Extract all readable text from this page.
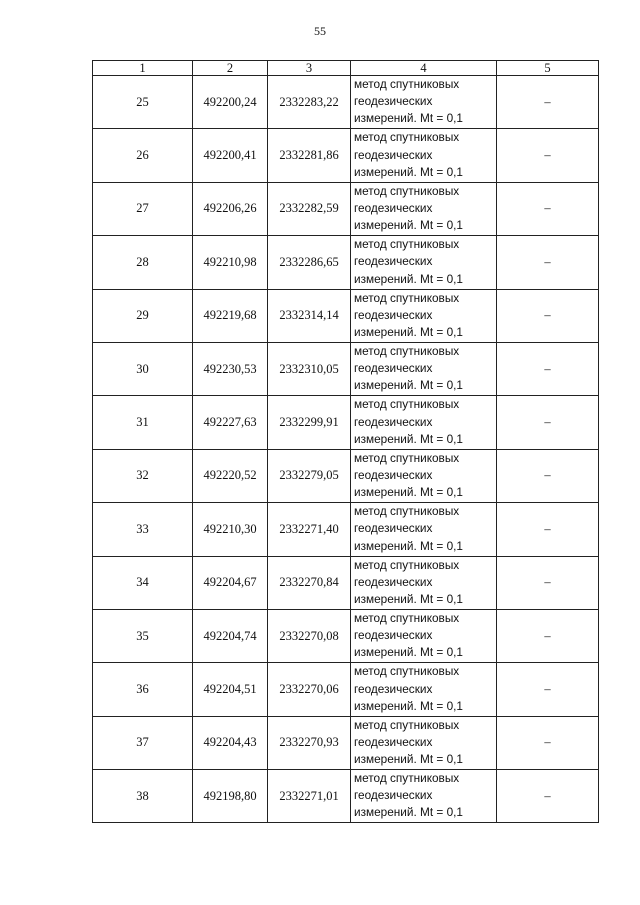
55
1	2	3	4	5
25	492200,24	2332283,22	метод спутниковых
геодезических
измерений. Mt = 0,1	–
26	492200,41	2332281,86	метод спутниковых
геодезических
измерений. Mt = 0,1	–
27	492206,26	2332282,59	метод спутниковых
геодезических
измерений. Mt = 0,1	–
28	492210,98	2332286,65	метод спутниковых
геодезических
измерений. Mt = 0,1	–
29	492219,68	2332314,14	метод спутниковых
геодезических
измерений. Mt = 0,1	–
30	492230,53	2332310,05	метод спутниковых
геодезических
измерений. Mt = 0,1	–
31	492227,63	2332299,91	метод спутниковых
геодезических
измерений. Mt = 0,1	–
32	492220,52	2332279,05	метод спутниковых
геодезических
измерений. Mt = 0,1	–
33	492210,30	2332271,40	метод спутниковых
геодезических
измерений. Mt = 0,1	–
34	492204,67	2332270,84	метод спутниковых
геодезических
измерений. Mt = 0,1	–
35	492204,74	2332270,08	метод спутниковых
геодезических
измерений. Mt = 0,1	–
36	492204,51	2332270,06	метод спутниковых
геодезических
измерений. Mt = 0,1	–
37	492204,43	2332270,93	метод спутниковых
геодезических
измерений. Mt = 0,1	–
38	492198,80	2332271,01	метод спутниковых
геодезических
измерений. Mt = 0,1	–
